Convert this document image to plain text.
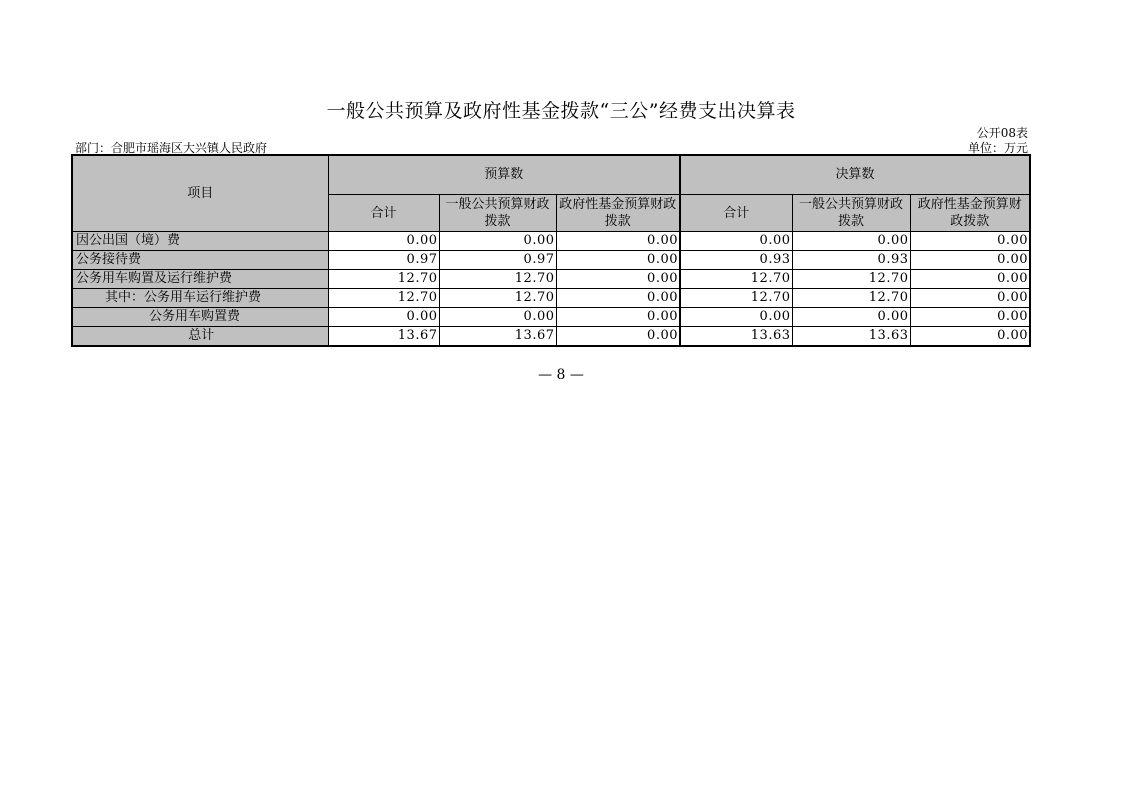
一般公共预算及政府性基金拨款“三公”经费支出决算表
公开08表
部门：合肥市瑶海区大兴镇人民政府	单位：万元
项目	预算数			决算数		
	合计	一般公共预算财政拨款	政府性基金预算财政拨款	合计	一般公共预算财政拨款	政府性基金预算财政拨款
因公出国（境）费	0.00	0.00	0.00	0.00	0.00	0.00
公务接待费	0.97	0.97	0.00	0.93	0.93	0.00
公务用车购置及运行维护费	12.70	12.70	0.00	12.70	12.70	0.00
其中：公务用车运行维护费	12.70	12.70	0.00	12.70	12.70	0.00
公务用车购置费	0.00	0.00	0.00	0.00	0.00	0.00
总计	13.67	13.67	0.00	13.63	13.63	0.00
— 8 —
